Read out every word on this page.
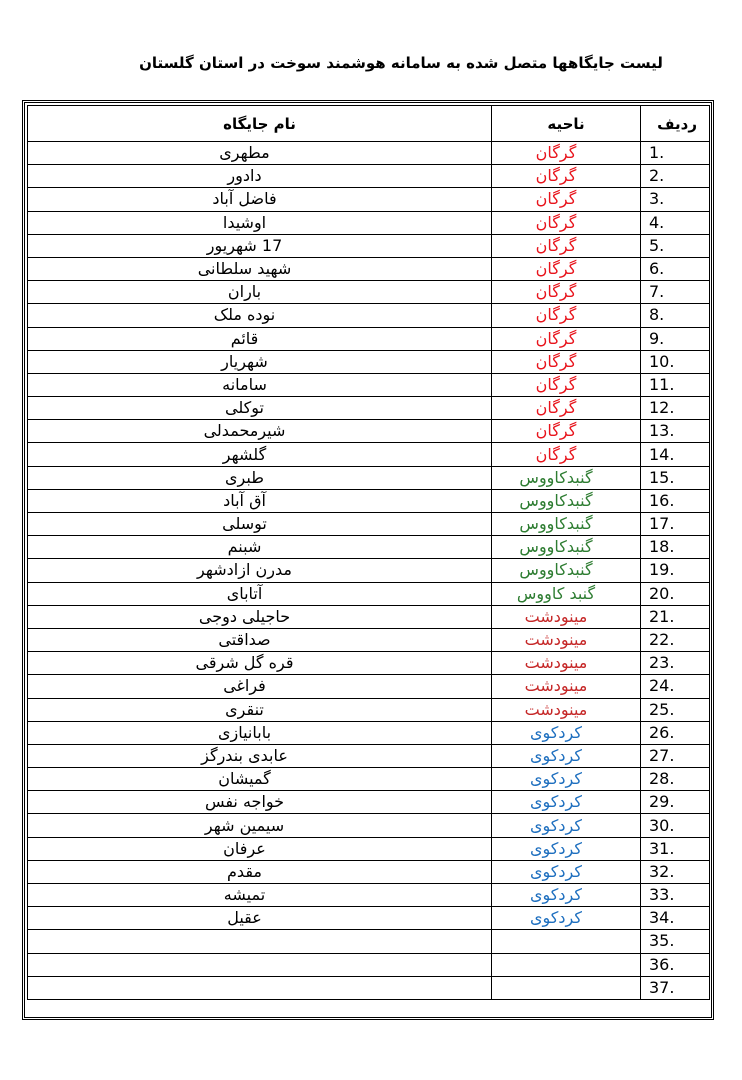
لیست جایگاهها متصل شده به سامانه هوشمند سوخت در استان گلستان
ردیف	ناحیه	نام جایگاه
1.	گرگان	مطهری
2.	گرگان	دادور
3.	گرگان	فاضل آباد
4.	گرگان	اوشیدا
5.	گرگان	17 شهریور
6.	گرگان	شهید سلطانی
7.	گرگان	باران
8.	گرگان	نوده ملک
9.	گرگان	قائم
10.	گرگان	شهریار
11.	گرگان	سامانه
12.	گرگان	توکلی
13.	گرگان	شیرمحمدلی
14.	گرگان	گلشهر
15.	گنبدکاووس	طبری
16.	گنبدکاووس	آق آباد
17.	گنبدکاووس	توسلی
18.	گنبدکاووس	شبنم
19.	گنبدکاووس	مدرن ازادشهر
20.	گنبد کاووس	آتابای
21.	مینودشت	حاجیلی دوجی
22.	مینودشت	صداقتی
23.	مینودشت	قره گل شرقی
24.	مینودشت	فراغی
25.	مینودشت	تنقری
26.	کردکوی	بابانیازی
27.	کردکوی	عابدی بندرگز
28.	کردکوی	گمیشان
29.	کردکوی	خواجه نفس
30.	کردکوی	سیمین شهر
31.	کردکوی	عرفان
32.	کردکوی	مقدم
33.	کردکوی	تمیشه
34.	کردکوی	عقیل
35.		
36.		
37.		
